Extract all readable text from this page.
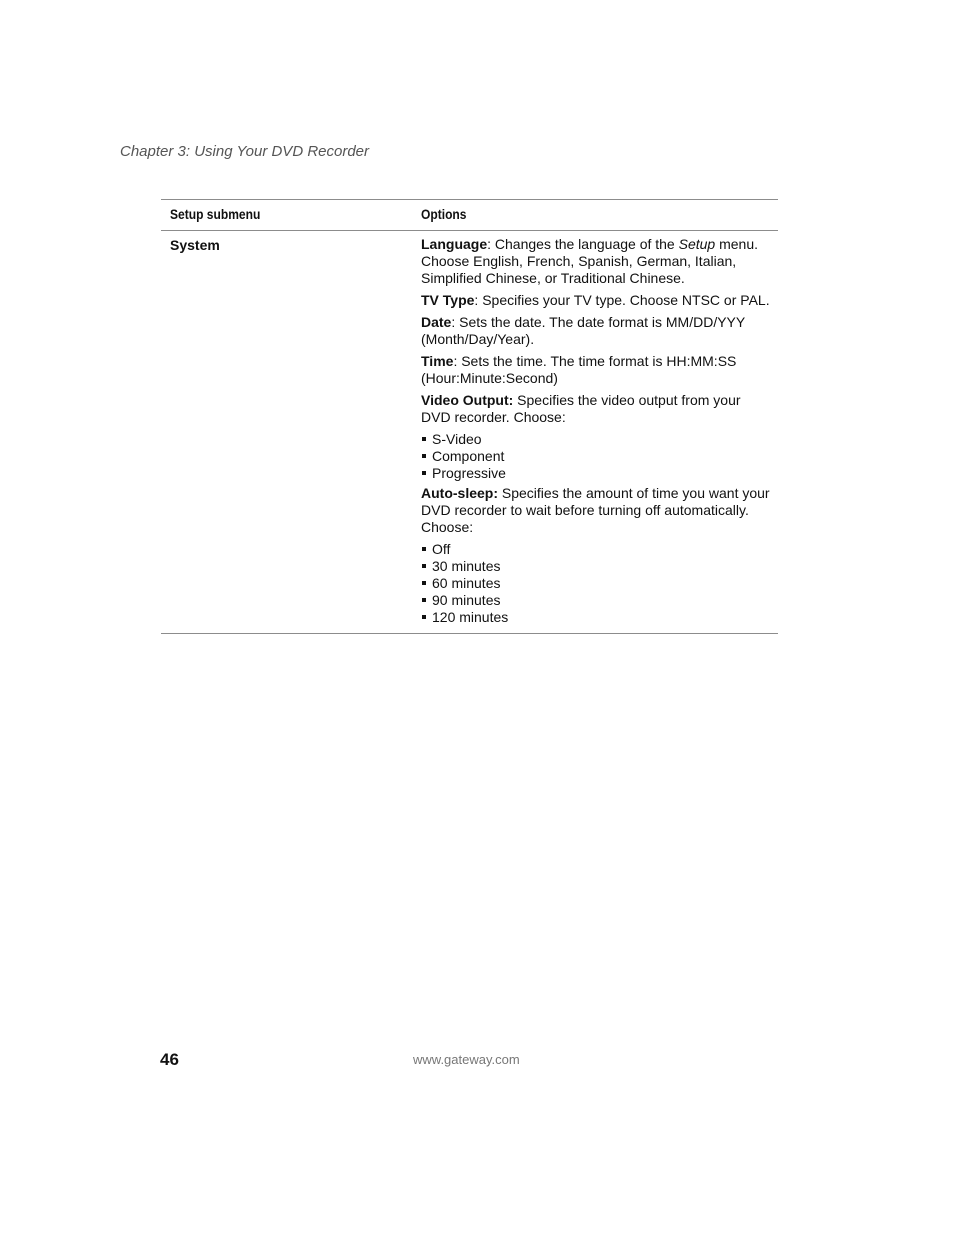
Chapter 3: Using Your DVD Recorder

Setup submenu	Options
System	Language: Changes the language of the Setup menu. Choose English, French, Spanish, German, Italian, Simplified Chinese, or Traditional Chinese.

TV Type: Specifies your TV type. Choose NTSC or PAL.

Date: Sets the date. The date format is MM/DD/YYY (Month/Day/Year).

Time: Sets the time. The time format is HH:MM:SS (Hour:Minute:Second)

Video Output: Specifies the video output from your DVD recorder. Choose:

S-Video
Component
Progressive

Auto-sleep: Specifies the amount of time you want your DVD recorder to wait before turning off automatically. Choose:

Off
30 minutes
60 minutes
90 minutes
120 minutes
46	www.gateway.com
